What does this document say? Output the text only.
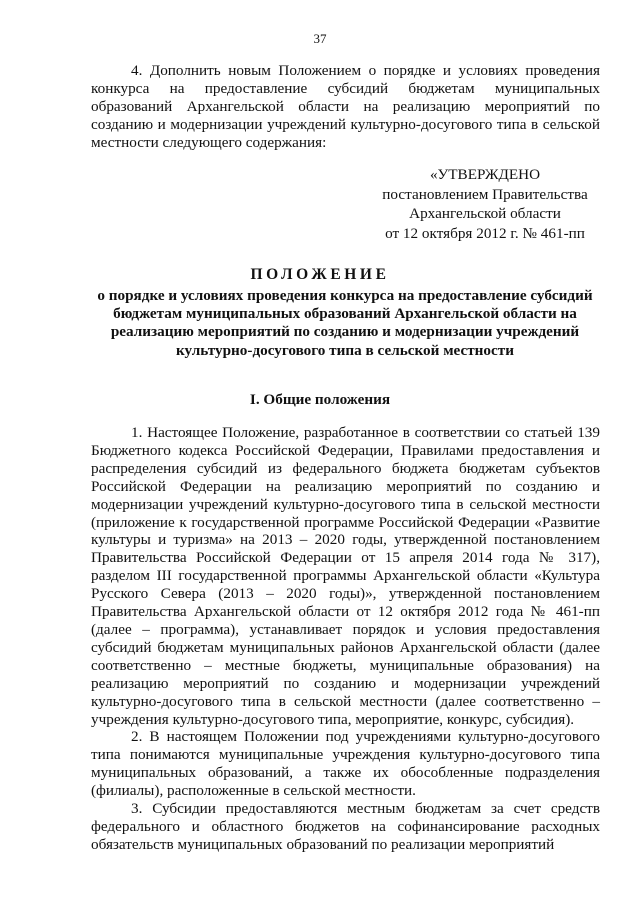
37
4. Дополнить новым Положением о порядке и условиях проведения конкурса на предоставление субсидий бюджетам муниципальных образований Архангельской области на реализацию мероприятий по созданию и модернизации учреждений культурно-досугового типа в сельской местности следующего содержания:
«УТВЕРЖДЕНО
постановлением Правительства
Архангельской области
от 12 октября 2012 г. № 461-пп
ПОЛОЖЕНИЕ
о порядке и условиях проведения конкурса на предоставление субсидий бюджетам муниципальных образований Архангельской области на реализацию мероприятий по созданию и модернизации учреждений культурно-досугового типа в сельской местности
I. Общие положения

1. Настоящее Положение, разработанное в соответствии со статьей 139 Бюджетного кодекса Российской Федерации, Правилами предоставления и распределения субсидий из федерального бюджета бюджетам субъектов Российской Федерации на реализацию мероприятий по созданию и модернизации учреждений культурно-досугового типа в сельской местности (приложение к государственной программе Российской Федерации «Развитие культуры и туризма» на 2013 – 2020 годы, утвержденной постановлением Правительства Российской Федерации от 15 апреля 2014 года № 317), разделом III государственной программы Архангельской области «Культура Русского Севера (2013 – 2020 годы)», утвержденной постановлением Правительства Архангельской области от 12 октября 2012 года № 461-пп (далее – программа), устанавливает порядок и условия предоставления субсидий бюджетам муниципальных районов Архангельской области (далее соответственно – местные бюджеты, муниципальные образования) на реализацию мероприятий по созданию и модернизации учреждений культурно-досугового типа в сельской местности (далее соответственно – учреждения культурно-досугового типа, мероприятие, конкурс, субсидия).

2. В настоящем Положении под учреждениями культурно-досугового типа понимаются муниципальные учреждения культурно-досугового типа муниципальных образований, а также их обособленные подразделения (филиалы), расположенные в сельской местности.

3. Субсидии предоставляются местным бюджетам за счет средств федерального и областного бюджетов на софинансирование расходных обязательств муниципальных образований по реализации мероприятий
